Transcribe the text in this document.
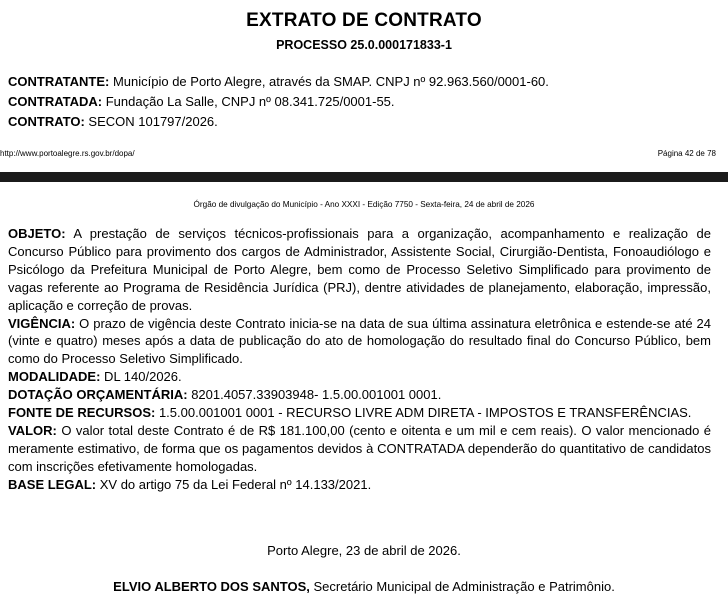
EXTRATO DE CONTRATO
PROCESSO 25.0.000171833-1
CONTRATANTE: Município de Porto Alegre, através da SMAP. CNPJ nº 92.963.560/0001-60.
CONTRATADA: Fundação La Salle, CNPJ nº 08.341.725/0001-55.
CONTRATO: SECON 101797/2026.
http://www.portoalegre.rs.gov.br/dopa/	Página 42 de 78
Órgão de divulgação do Município - Ano XXXI - Edição 7750 - Sexta-feira, 24 de abril de 2026

OBJETO: A prestação de serviços técnicos-profissionais para a organização, acompanhamento e realização de Concurso Público para provimento dos cargos de Administrador, Assistente Social, Cirurgião-Dentista, Fonoaudiólogo e Psicólogo da Prefeitura Municipal de Porto Alegre, bem como de Processo Seletivo Simplificado para provimento de vagas referente ao Programa de Residência Jurídica (PRJ), dentre atividades de planejamento, elaboração, impressão, aplicação e correção de provas.

VIGÊNCIA: O prazo de vigência deste Contrato inicia-se na data de sua última assinatura eletrônica e estende-se até 24 (vinte e quatro) meses após a data de publicação do ato de homologação do resultado final do Concurso Público, bem como do Processo Seletivo Simplificado.

MODALIDADE: DL 140/2026.

DOTAÇÃO ORÇAMENTÁRIA: 8201.4057.33903948- 1.5.00.001001 0001.

FONTE DE RECURSOS: 1.5.00.001001 0001 - RECURSO LIVRE ADM DIRETA - IMPOSTOS E TRANSFERÊNCIAS.

VALOR: O valor total deste Contrato é de R$ 181.100,00 (cento e oitenta e um mil e cem reais). O valor mencionado é meramente estimativo, de forma que os pagamentos devidos à CONTRATADA dependerão do quantitativo de candidatos com inscrições efetivamente homologadas.

BASE LEGAL: XV do artigo 75 da Lei Federal nº 14.133/2021.

Porto Alegre, 23 de abril de 2026.
ELVIO ALBERTO DOS SANTOS, Secretário Municipal de Administração e Patrimônio.
